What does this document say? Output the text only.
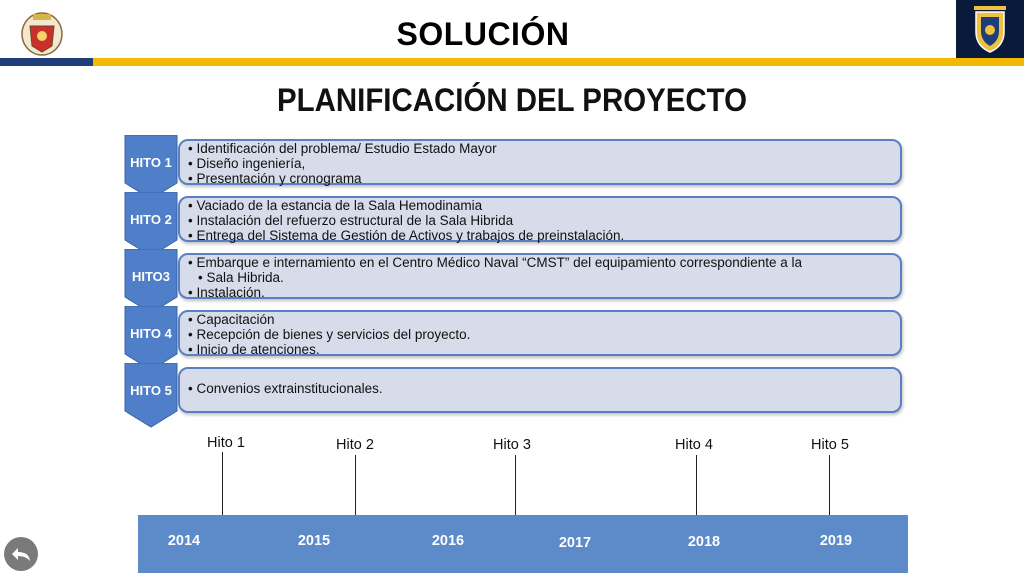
SOLUCIÓN
PLANIFICACIÓN DEL PROYECTO
HITO 1
• Identificación del problema/ Estudio Estado Mayor
• Diseño ingeniería,
• Presentación y cronograma
HITO 2
• Vaciado de la estancia de la Sala Hemodinamia
• Instalación del refuerzo estructural de la Sala Hibrida
• Entrega del Sistema de Gestión de Activos y trabajos de preinstalación.
HITO3
• Embarque e internamiento en el Centro Médico Naval “CMST” del equipamiento correspondiente a la
• Sala Hibrida.
• Instalación.
HITO 4
• Capacitación
• Recepción de bienes y servicios del proyecto.
• Inicio de atenciones.
HITO 5
•	Convenios extrainstitucionales.
Hito 1	Hito 2	Hito 3	Hito 4	Hito 5
2014	2015	2016	2017	2018	2019
